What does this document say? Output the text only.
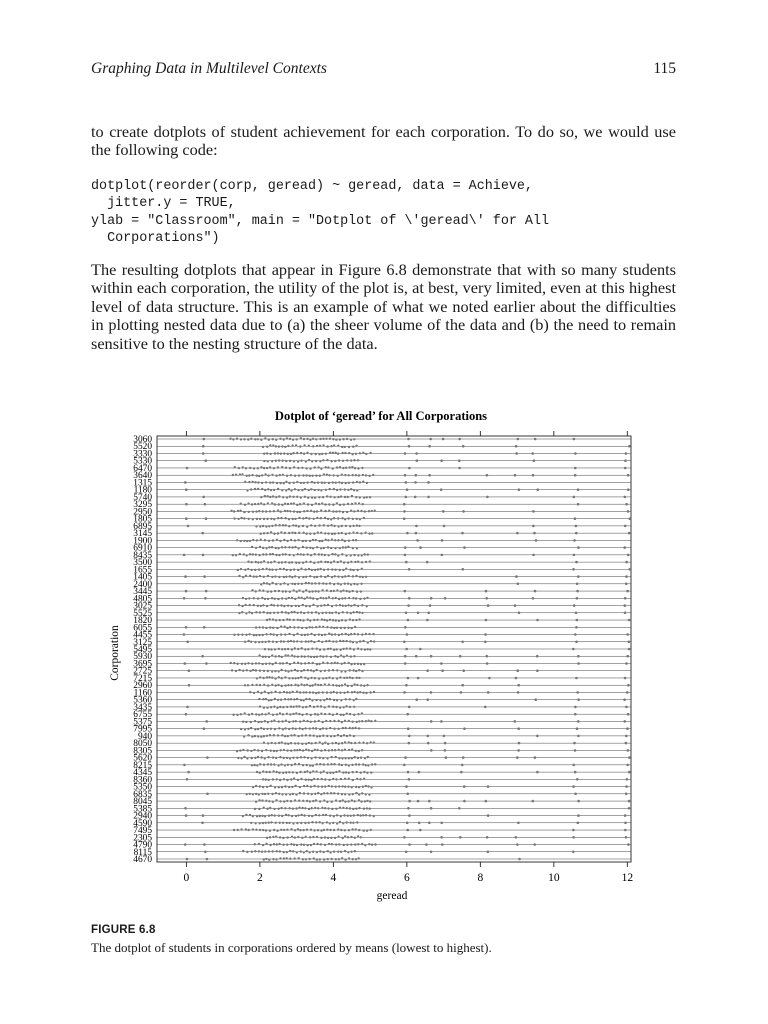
Graphing Data in Multilevel Contexts	115

to create dotplots of student achievement for each corporation. To do so, we would use the following code:

dotplot(reorder(corp, geread) ~ geread, data = Achieve,
jitter.y = TRUE,
ylab = "Classroom", main = "Dotplot of \'geread\' for All
Corporations")

The resulting dotplots that appear in Figure 6.8 demonstrate that with so many students within each corporation, the utility of the plot is, at best, very limited, even at this highest level of data structure. This is an example of what we noted earlier about the difficulties in plotting nested data due to (a) the sheer volume of the data and (b) the need to remain sensitive to the nesting structure of the data.

Dotplot of ‘geread’ for All Corporations
3060
5520
3330
5330
6470
3640
1315
1180
5740
3295
2950
1805
6895
3145
1900
6910
8435
3500
1655
1405
2400
3445
4805
3025
5525
1820
6055
4455
3125
5495
5930
3695
2725
7215
2960
1160
5360
3435
6755
5375
7995
940
8050
8305
5620
8215
4345
8360
5350
6835
8045
5385
2940
4590
7495
2305
4790
8115
4670
0	2	4	6	8	10	12
Corporation
geread
FIGURE 6.8
The dotplot of students in corporations ordered by means (lowest to highest).
